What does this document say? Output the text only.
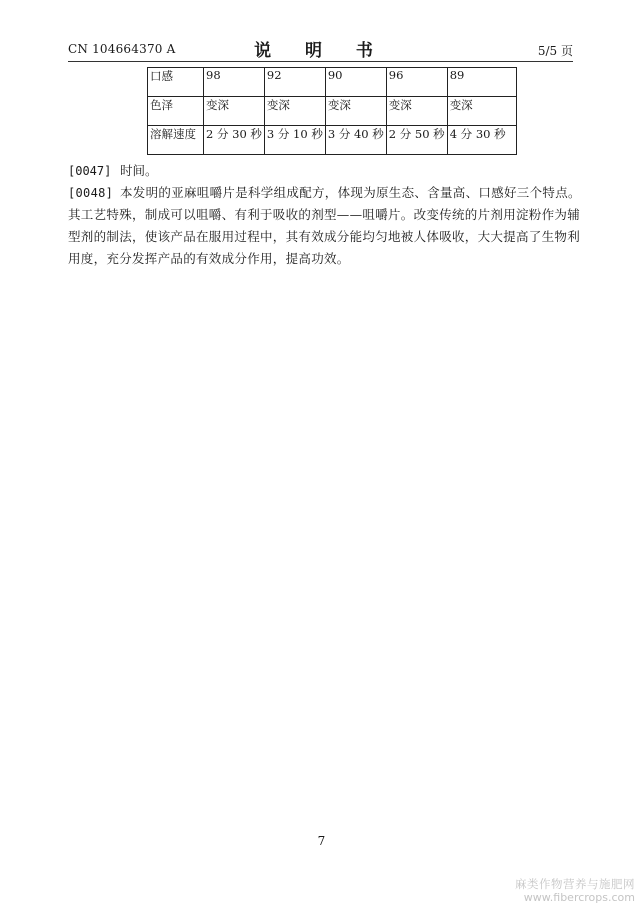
CN 104664370 A	说 明 书	5/5 页
口感	98	92	90	96	89
色泽	变深	变深	变深	变深	变深
溶解速度	2 分 30 秒	3 分 10 秒	3 分 40 秒	2 分 50 秒	4 分 30 秒
[0047] 时间。
[0048] 本发明的亚麻咀嚼片是科学组成配方，体现为原生态、含量高、口感好三个特点。
其工艺特殊，制成可以咀嚼、有利于吸收的剂型——咀嚼片。改变传统的片剂用淀粉作为辅
型剂的制法，使该产品在服用过程中，其有效成分能均匀地被人体吸收，大大提高了生物利
用度，充分发挥产品的有效成分作用，提高功效。
7
麻类作物营养与施肥网
www.fibercrops.com
